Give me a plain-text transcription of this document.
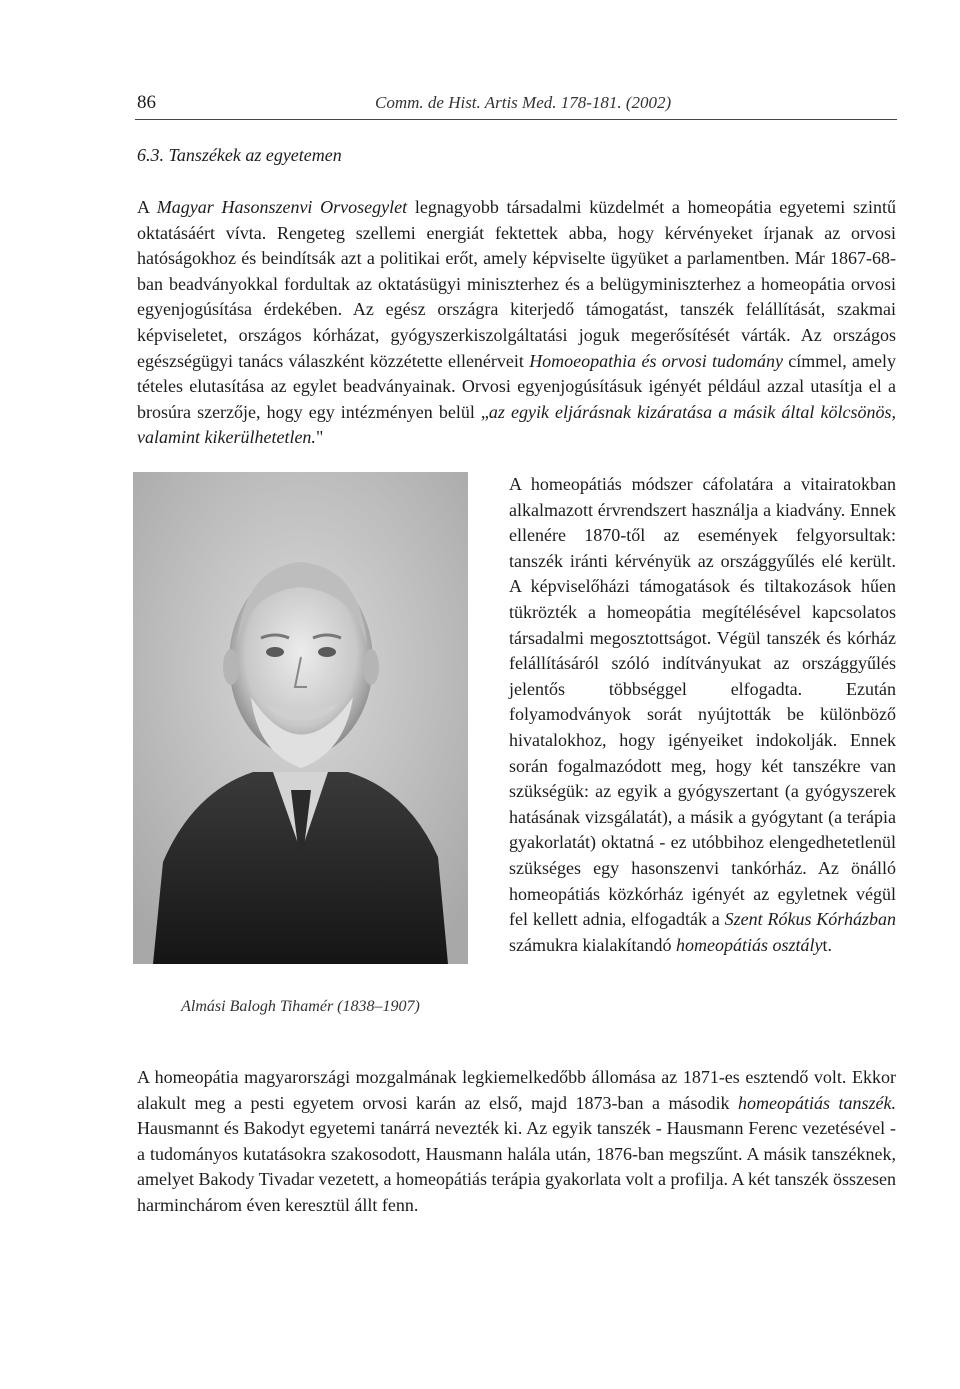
86	Comm. de Hist. Artis Med. 178-181. (2002)
6.3. Tanszékek az egyetemen

A Magyar Hasonszenvi Orvosegylet legnagyobb társadalmi küzdelmét a homeopátia egyetemi szintű oktatásáért vívta. Rengeteg szellemi energiát fektettek abba, hogy kérvényeket írjanak az orvosi hatóságokhoz és beindítsák azt a politikai erőt, amely képviselte ügyüket a parlamentben. Már 1867-68-ban beadványokkal fordultak az oktatásügyi miniszterhez és a belügyminiszterhez a homeopátia orvosi egyenjogúsítása érdekében. Az egész országra kiterjedő támogatást, tanszék felállítását, szakmai képviseletet, országos kórházat, gyógyszerkiszolgáltatási joguk megerősítését várták. Az országos egészségügyi tanács válaszként közzétette ellenérveit Homoeopathia és orvosi tudomány címmel, amely tételes elutasítása az egylet beadványainak. Orvosi egyenjogúsításuk igényét például azzal utasítja el a brosúra szerzője, hogy egy intézményen belül „az egyik eljárásnak kizáratása a másik által kölcsönös, valamint kikerülhetetlen."

Almási Balogh Tihamér (1838–1907)

A homeopátiás módszer cáfolatára a vitairatokban alkalmazott érvrendszert használja a kiadvány. Ennek ellenére 1870-től az események felgyorsultak: tanszék iránti kérvényük az országgyűlés elé került. A képviselőházi támogatások és tiltakozások hűen tükrözték a homeopátia megítélésével kapcsolatos társadalmi megosztottságot. Végül tanszék és kórház felállításáról szóló indítványukat az országgyűlés jelentős többséggel elfogadta. Ezután folyamodványok sorát nyújtották be különböző hivatalokhoz, hogy igényeiket indokolják. Ennek során fogalmazódott meg, hogy két tanszékre van szükségük: az egyik a gyógyszertant (a gyógyszerek hatásának vizsgálatát), a másik a gyógytant (a terápia gyakorlatát) oktatná - ez utóbbihoz elengedhetetlenül szükséges egy hasonszenvi tankórház. Az önálló homeopátiás közkórház igényét az egyletnek végül fel kellett adnia, elfogadták a Szent Rókus Kórházban számukra kialakítandó homeopátiás osztályt.

A homeopátia magyarországi mozgalmának legkiemelkedőbb állomása az 1871-es esztendő volt. Ekkor alakult meg a pesti egyetem orvosi karán az első, majd 1873-ban a második homeopátiás tanszék. Hausmannt és Bakodyt egyetemi tanárrá nevezték ki. Az egyik tanszék - Hausmann Ferenc vezetésével - a tudományos kutatásokra szakosodott, Hausmann halála után, 1876-ban megszűnt. A másik tanszéknek, amelyet Bakody Tivadar vezetett, a homeopátiás terápia gyakorlata volt a profilja. A két tanszék összesen harminchárom éven keresztül állt fenn.
